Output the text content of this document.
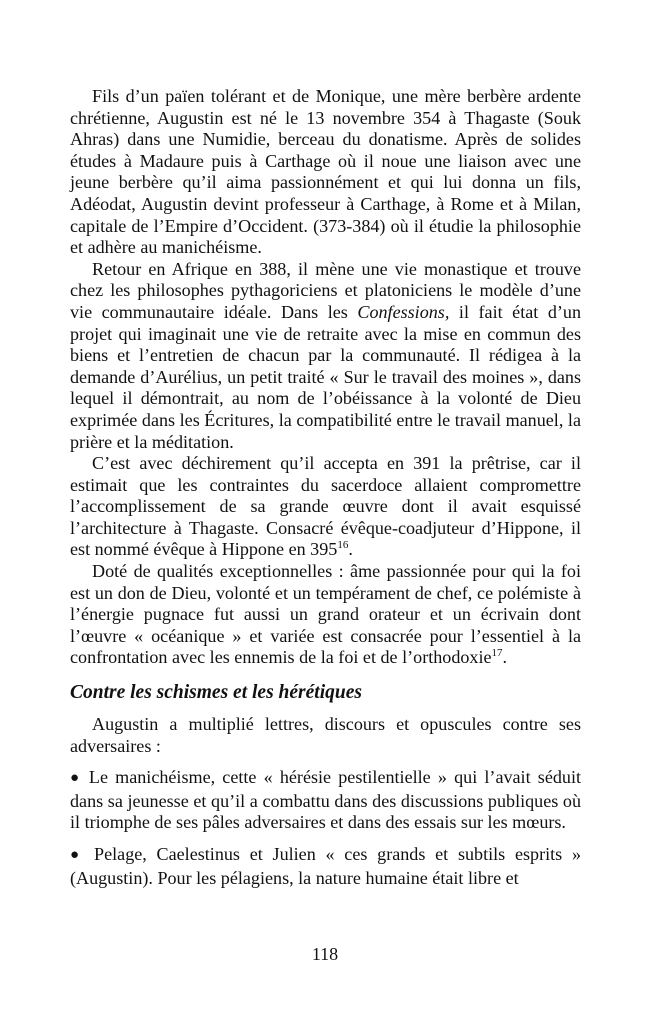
Fils d’un païen tolérant et de Monique, une mère berbère ardente chrétienne, Augustin est né le 13 novembre 354 à Thagaste (Souk Ahras) dans une Numidie, berceau du donatisme. Après de solides études à Madaure puis à Carthage où il noue une liaison avec une jeune berbère qu’il aima passionnément et qui lui donna un fils, Adéodat, Augustin devint professeur à Carthage, à Rome et à Milan, capitale de l’Empire d’Occident. (373-384) où il étudie la philosophie et adhère au manichéisme.

Retour en Afrique en 388, il mène une vie monastique et trouve chez les philosophes pythagoriciens et platoniciens le modèle d’une vie communautaire idéale. Dans les Confessions, il fait état d’un projet qui imaginait une vie de retraite avec la mise en commun des biens et l’entretien de chacun par la communauté. Il rédigea à la demande d’Aurélius, un petit traité « Sur le travail des moines », dans lequel il démontrait, au nom de l’obéissance à la volonté de Dieu exprimée dans les Écritures, la compatibilité entre le travail manuel, la prière et la méditation.

C’est avec déchirement qu’il accepta en 391 la prêtrise, car il estimait que les contraintes du sacerdoce allaient compromettre l’accomplissement de sa grande œuvre dont il avait esquissé l’architecture à Thagaste. Consacré évêque-coadjuteur d’Hippone, il est nommé évêque à Hippone en $395^{16}$.

Doté de qualités exceptionnelles : âme passionnée pour qui la foi est un don de Dieu, volonté et un tempérament de chef, ce polémiste à l’énergie pugnace fut aussi un grand orateur et un écrivain dont l’œuvre « océanique » et variée est consacrée pour l’essentiel à la confrontation avec les ennemis de la foi et de l’orthodoxie$^{17}$.

Contre les schismes et les hérétiques

Augustin a multiplié lettres, discours et opuscules contre ses adversaires :

● Le manichéisme, cette « hérésie pestilentielle » qui l’avait séduit dans sa jeunesse et qu’il a combattu dans des discussions publiques où il triomphe de ses pâles adversaires et dans des essais sur les mœurs.

● Pelage, Caelestinus et Julien « ces grands et subtils esprits » (Augustin). Pour les pélagiens, la nature humaine était libre et

118
